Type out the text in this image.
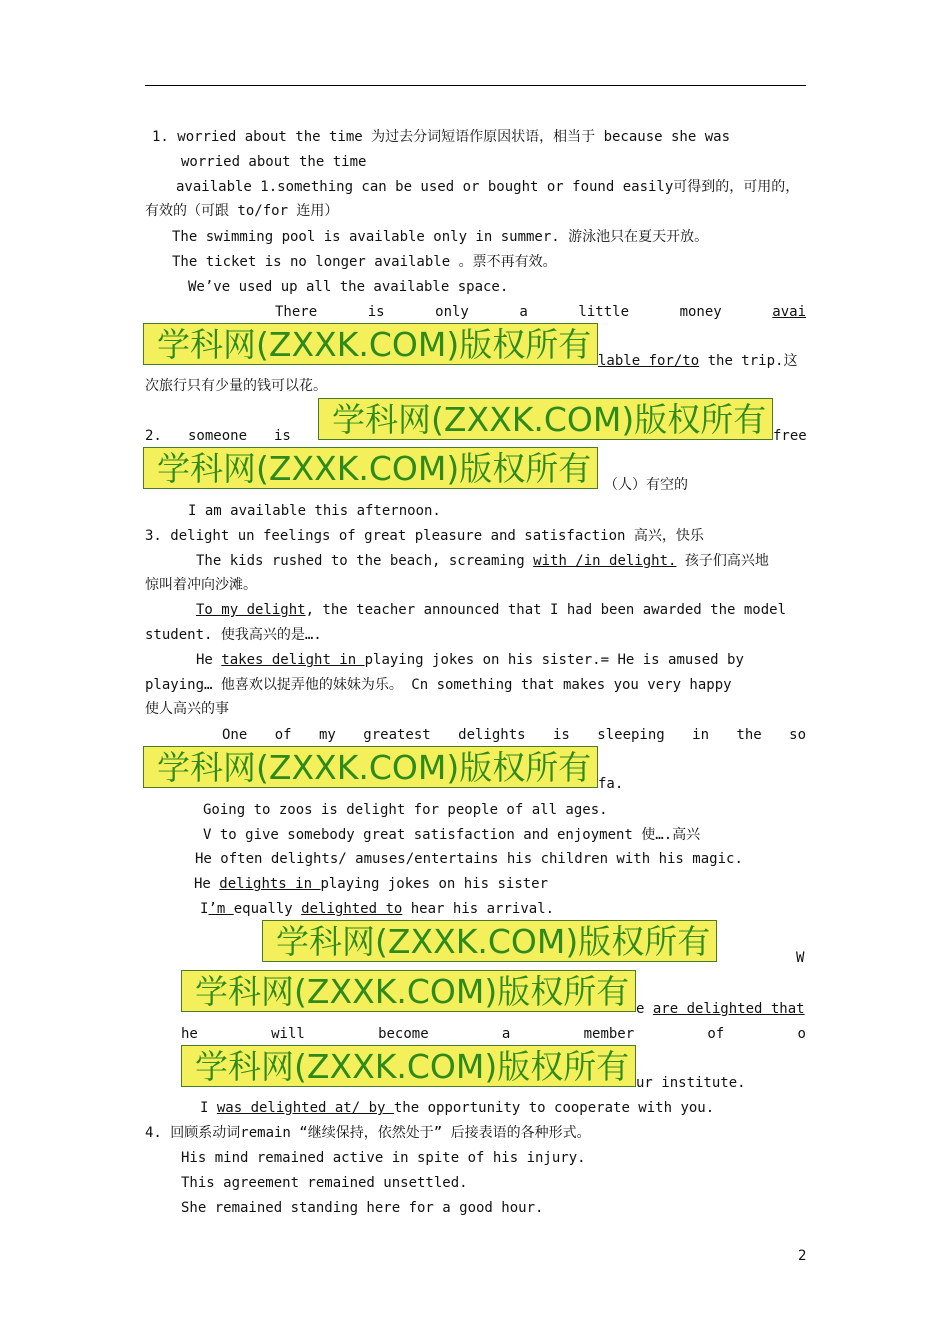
1. worried about the time 为过去分词短语作原因状语，相当于 because she was
worried about the time
available 1.something can be used or bought or found easily可得到的，可用的，
有效的（可跟 to/for 连用）
The swimming pool is available only in summer. 游泳池只在夏天开放。
The ticket is no longer available 。票不再有效。
We’ve used up all the available space.
There	is	only	a	little	money	avai
学科网(ZXXK.COM)版权所有 lable for/to the trip.这
次旅行只有少量的钱可以花。
2. someone is	学科网(ZXXK.COM)版权所有 free
学科网(ZXXK.COM)版权所有 （人）有空的
I am available this afternoon.
3. delight un feelings of great pleasure and satisfaction 高兴，快乐
The kids rushed to the beach, screaming with /in delight. 孩子们高兴地
惊叫着冲向沙滩。
To my delight, the teacher announced that I had been awarded the model
student. 使我高兴的是….
He takes delight in playing jokes on his sister.= He is amused by
playing… 他喜欢以捉弄他的妹妹为乐。 Cn something that makes you very happy
使人高兴的事
One of my greatest delights is sleeping in the so
学科网(ZXXK.COM)版权所有 fa.
Going to zoos is delight for people of all ages.
V to give somebody great satisfaction and enjoyment 使….高兴
He often delights/ amuses/entertains his children with his magic.
He delights in playing jokes on his sister
I’m equally delighted to hear his arrival.
学科网(ZXXK.COM)版权所有	W
学科网(ZXXK.COM)版权所有 e are delighted that
he	will	become	a	member	of	o
学科网(ZXXK.COM)版权所有 ur institute.
I was delighted at/ by the opportunity to cooperate with you.
4. 回顾系动词remain “继续保持，依然处于” 后接表语的各种形式。
His mind remained active in spite of his injury.
This agreement remained unsettled.
She remained standing here for a good hour.
2
